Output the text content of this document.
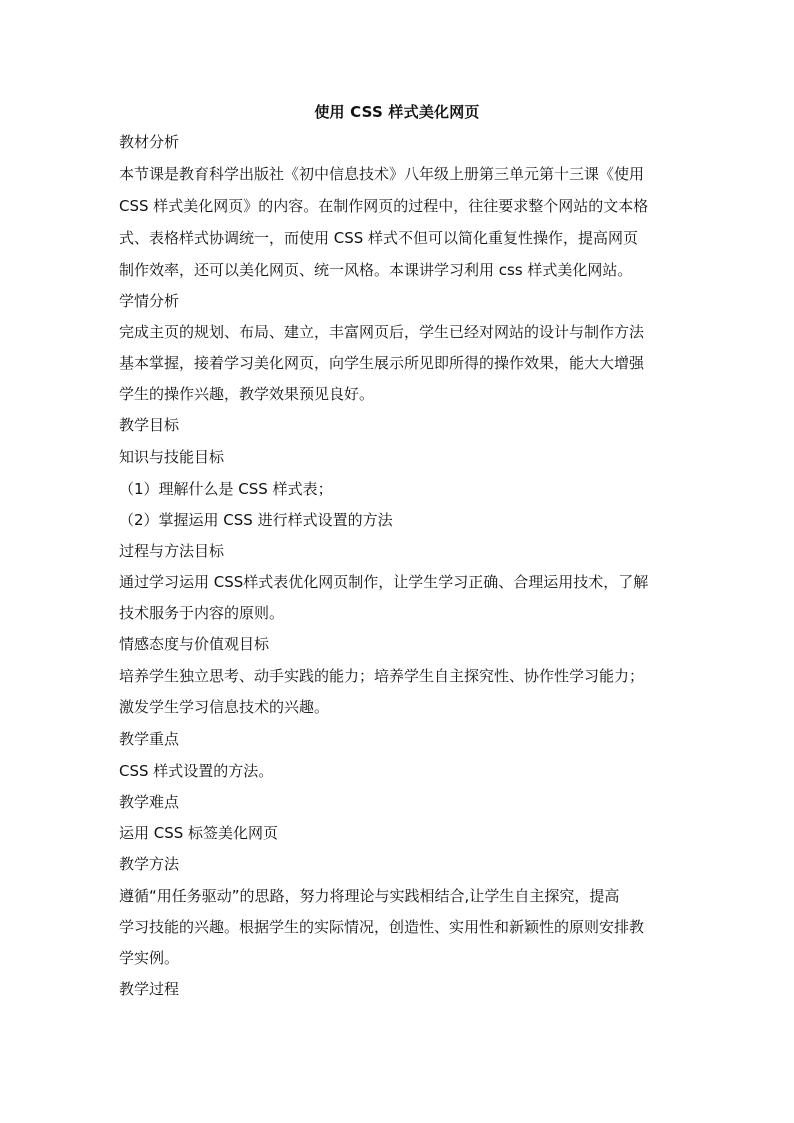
使用 CSS 样式美化网页
教材分析
本节课是教育科学出版社《初中信息技术》八年级上册第三单元第十三课《使用
CSS 样式美化网页》的内容。在制作网页的过程中，往往要求整个网站的文本格
式、表格样式协调统一，而使用 CSS 样式不但可以简化重复性操作，提高网页
制作效率，还可以美化网页、统一风格。本课讲学习利用 css 样式美化网站。
学情分析
完成主页的规划、布局、建立，丰富网页后，学生已经对网站的设计与制作方法
基本掌握，接着学习美化网页，向学生展示所见即所得的操作效果，能大大增强
学生的操作兴趣，教学效果预见良好。
教学目标
知识与技能目标
（1）理解什么是 CSS 样式表；
（2）掌握运用 CSS 进行样式设置的方法
过程与方法目标
通过学习运用 CSS样式表优化网页制作，让学生学习正确、合理运用技术，了解
技术服务于内容的原则。
情感态度与价值观目标
培养学生独立思考、动手实践的能力；培养学生自主探究性、协作性学习能力；
激发学生学习信息技术的兴趣。
教学重点
CSS 样式设置的方法。
教学难点
运用 CSS 标签美化网页
教学方法
遵循“用任务驱动”的思路，努力将理论与实践相结合,让学生自主探究，提高
学习技能的兴趣。根据学生的实际情况，创造性、实用性和新颖性的原则安排教
学实例。
教学过程
